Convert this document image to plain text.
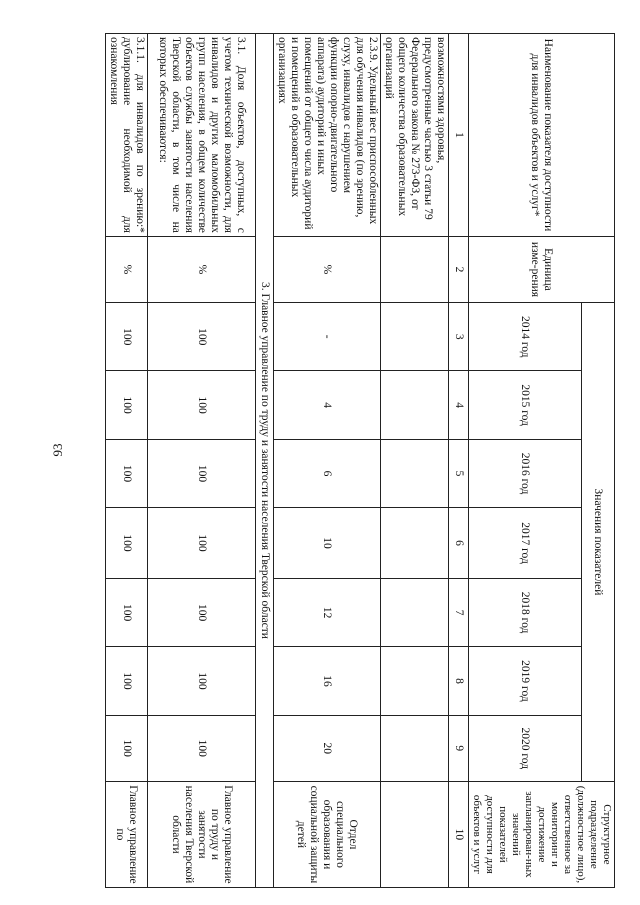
93
Наименование показателя доступности для инвалидов объектов и услуг*	Единица изме-рения	Значения показателей							Структурное подразделение (должностное лицо), ответственное за мониторинг и достижение запланирован-ных значений показателей доступности для объектов и услуг
		2014 год	2015 год	2016 год	2017 год	2018 год	2019 год	2020 год	
1	2	3	4	5	6	7	8	9	10
возможностями здоровья, предусмотренные частью 3 статьи 79 Федерального закона № 273-ФЗ, от общего количества образовательных организаций									
2.3.9. Удельный вес приспособленных для обучения инвалидов (по зрению, слуху, инвалидов с нарушением функции опорно-двигательного аппарата) аудиторий и иных помещений от общего числа аудиторий и помещений в образовательных организациях	%	-	4	6	10	12	16	20	Отдел специального образования и социальной защиты детей
3. Главное управление по труду и занятости населения Тверской области									
3.1. Доля объектов, доступных, с учетом технической возможности, для инвалидов и других маломобильных групп населения, в общем количестве объектов службы занятости населения Тверской области, в том числе на которых обеспечиваются:	%	100	100	100	100	100	100	100	Главное управление по труду и занятости населения Тверской области
3.1.1. для инвалидов по зрению:* дублирование необходимой для ознакомления	%	100	100	100	100	100	100	100	Главное управление по
